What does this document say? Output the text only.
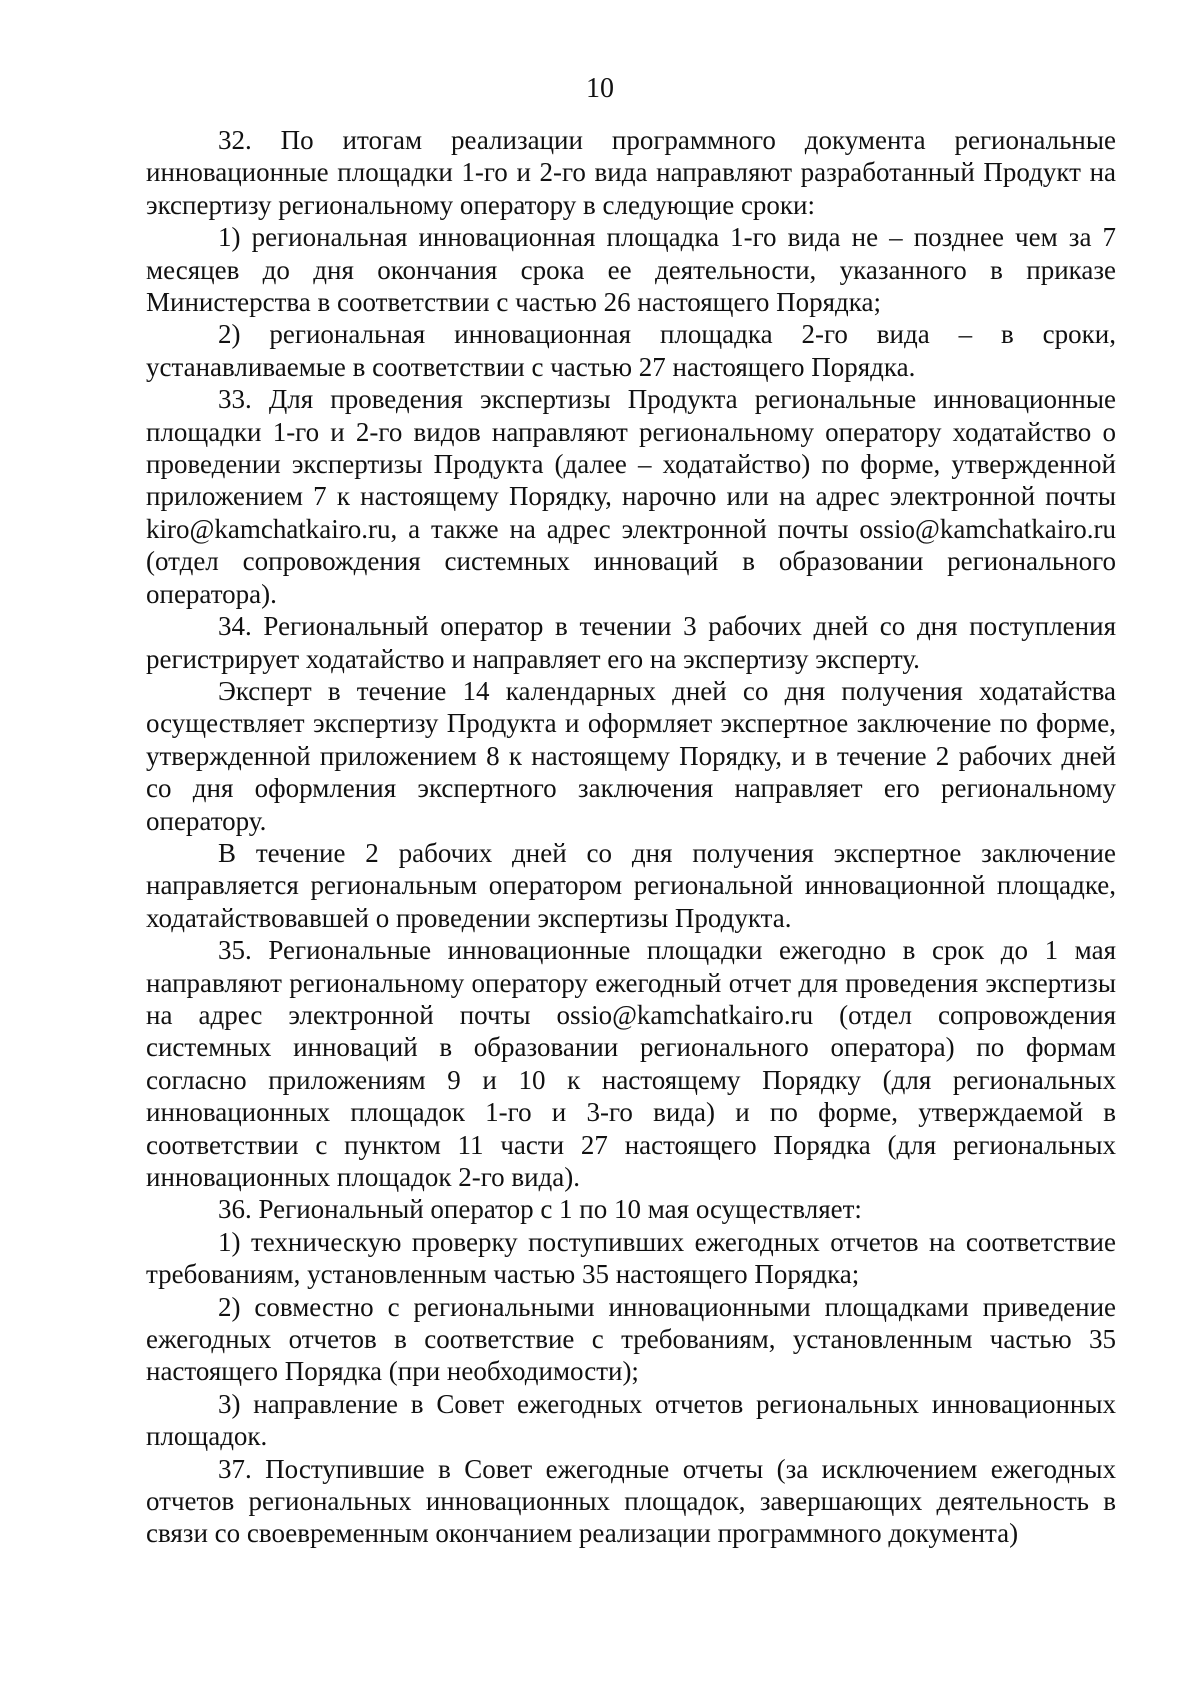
10

32. По итогам реализации программного документа региональные инновационные площадки 1-го и 2-го вида направляют разработанный Продукт на экспертизу региональному оператору в следующие сроки:

1) региональная инновационная площадка 1-го вида не – позднее чем за 7 месяцев до дня окончания срока ее деятельности, указанного в приказе Министерства в соответствии с частью 26 настоящего Порядка;

2) региональная инновационная площадка 2-го вида – в сроки, устанавливаемые в соответствии с частью 27 настоящего Порядка.

33. Для проведения экспертизы Продукта региональные инновационные площадки 1-го и 2-го видов направляют региональному оператору ходатайство о проведении экспертизы Продукта (далее – ходатайство) по форме, утвержденной приложением 7 к настоящему Порядку, нарочно или на адрес электронной почты kiro@kamchatkairo.ru, а также на адрес электронной почты ossio@kamchatkairo.ru (отдел сопровождения системных инноваций в образовании регионального оператора).

34. Региональный оператор в течении 3 рабочих дней со дня поступления регистрирует ходатайство и направляет его на экспертизу эксперту.

Эксперт в течение 14 календарных дней со дня получения ходатайства осуществляет экспертизу Продукта и оформляет экспертное заключение по форме, утвержденной приложением 8 к настоящему Порядку, и в течение 2 рабочих дней со дня оформления экспертного заключения направляет его региональному оператору.

В течение 2 рабочих дней со дня получения экспертное заключение направляется региональным оператором региональной инновационной площадке, ходатайствовавшей о проведении экспертизы Продукта.

35. Региональные инновационные площадки ежегодно в срок до 1 мая направляют региональному оператору ежегодный отчет для проведения экспертизы на адрес электронной почты ossio@kamchatkairo.ru (отдел сопровождения системных инноваций в образовании регионального оператора) по формам согласно приложениям 9 и 10 к настоящему Порядку (для региональных инновационных площадок 1-го и 3-го вида) и по форме, утверждаемой в соответствии с пунктом 11 части 27 настоящего Порядка (для региональных инновационных площадок 2-го вида).

36. Региональный оператор с 1 по 10 мая осуществляет:

1) техническую проверку поступивших ежегодных отчетов на соответствие требованиям, установленным частью 35 настоящего Порядка;

2) совместно с региональными инновационными площадками приведение ежегодных отчетов в соответствие с требованиям, установленным частью 35 настоящего Порядка (при необходимости);

3) направление в Совет ежегодных отчетов региональных инновационных площадок.

37. Поступившие в Совет ежегодные отчеты (за исключением ежегодных отчетов региональных инновационных площадок, завершающих деятельность в связи со своевременным окончанием реализации программного документа)
